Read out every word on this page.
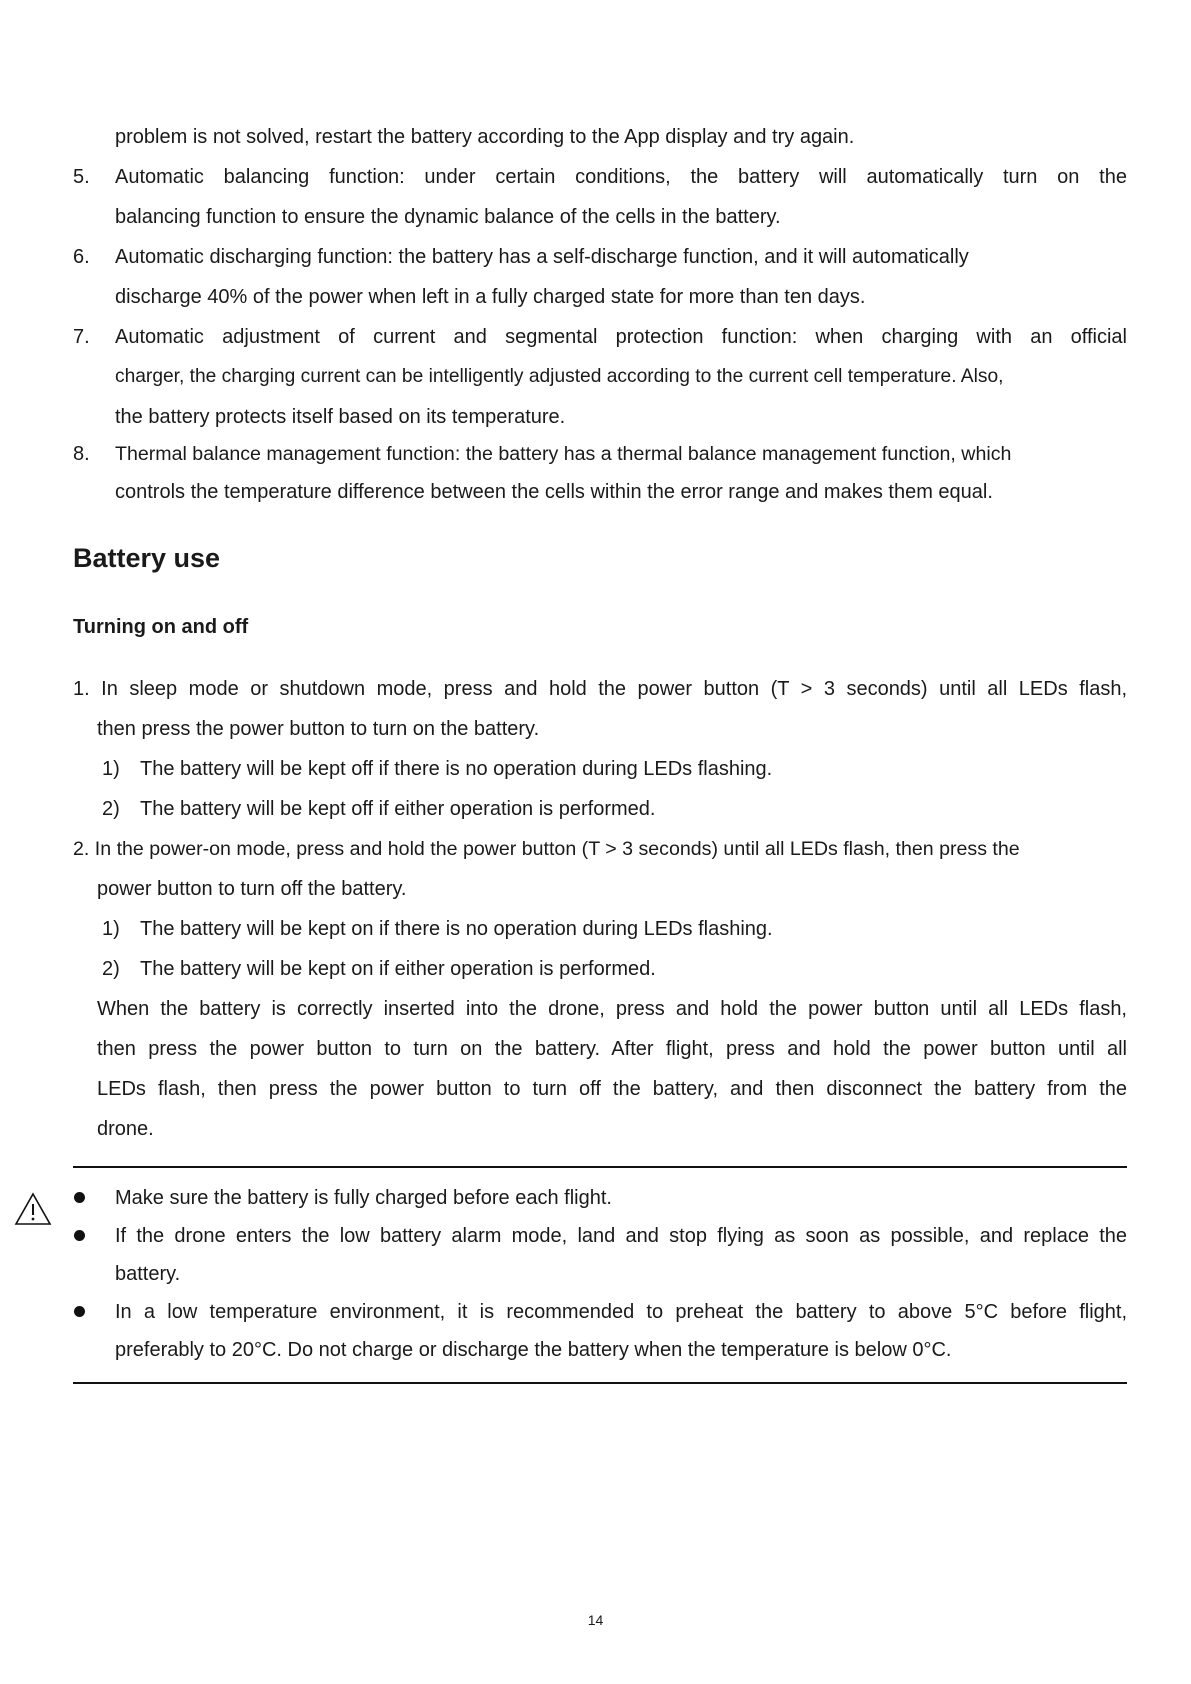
problem is not solved, restart the battery according to the App display and try again.
5. Automatic balancing function: under certain conditions, the battery will automatically turn on the
balancing function to ensure the dynamic balance of the cells in the battery.
6. Automatic discharging function: the battery has a self-discharge function, and it will automatically
discharge 40% of the power when left in a fully charged state for more than ten days.
7. Automatic adjustment of current and segmental protection function: when charging with an official
charger, the charging current can be intelligently adjusted according to the current cell temperature. Also,
the battery protects itself based on its temperature.
8. Thermal balance management function: the battery has a thermal balance management function, which
controls the temperature difference between the cells within the error range and makes them equal.
Battery use
Turning on and off
1. In sleep mode or shutdown mode, press and hold the power button (T > 3 seconds) until all LEDs flash,
then press the power button to turn on the battery.
1) The battery will be kept off if there is no operation during LEDs flashing.
2) The battery will be kept off if either operation is performed.
2. In the power-on mode, press and hold the power button (T > 3 seconds) until all LEDs flash, then press the
power button to turn off the battery.
1) The battery will be kept on if there is no operation during LEDs flashing.
2) The battery will be kept on if either operation is performed.
When the battery is correctly inserted into the drone, press and hold the power button until all LEDs flash,
then press the power button to turn on the battery. After flight, press and hold the power button until all
LEDs flash, then press the power button to turn off the battery, and then disconnect the battery from the
drone.
Make sure the battery is fully charged before each flight.
If the drone enters the low battery alarm mode, land and stop flying as soon as possible, and replace the
battery.
In a low temperature environment, it is recommended to preheat the battery to above 5°C before flight,
preferably to 20°C. Do not charge or discharge the battery when the temperature is below 0°C.
14
